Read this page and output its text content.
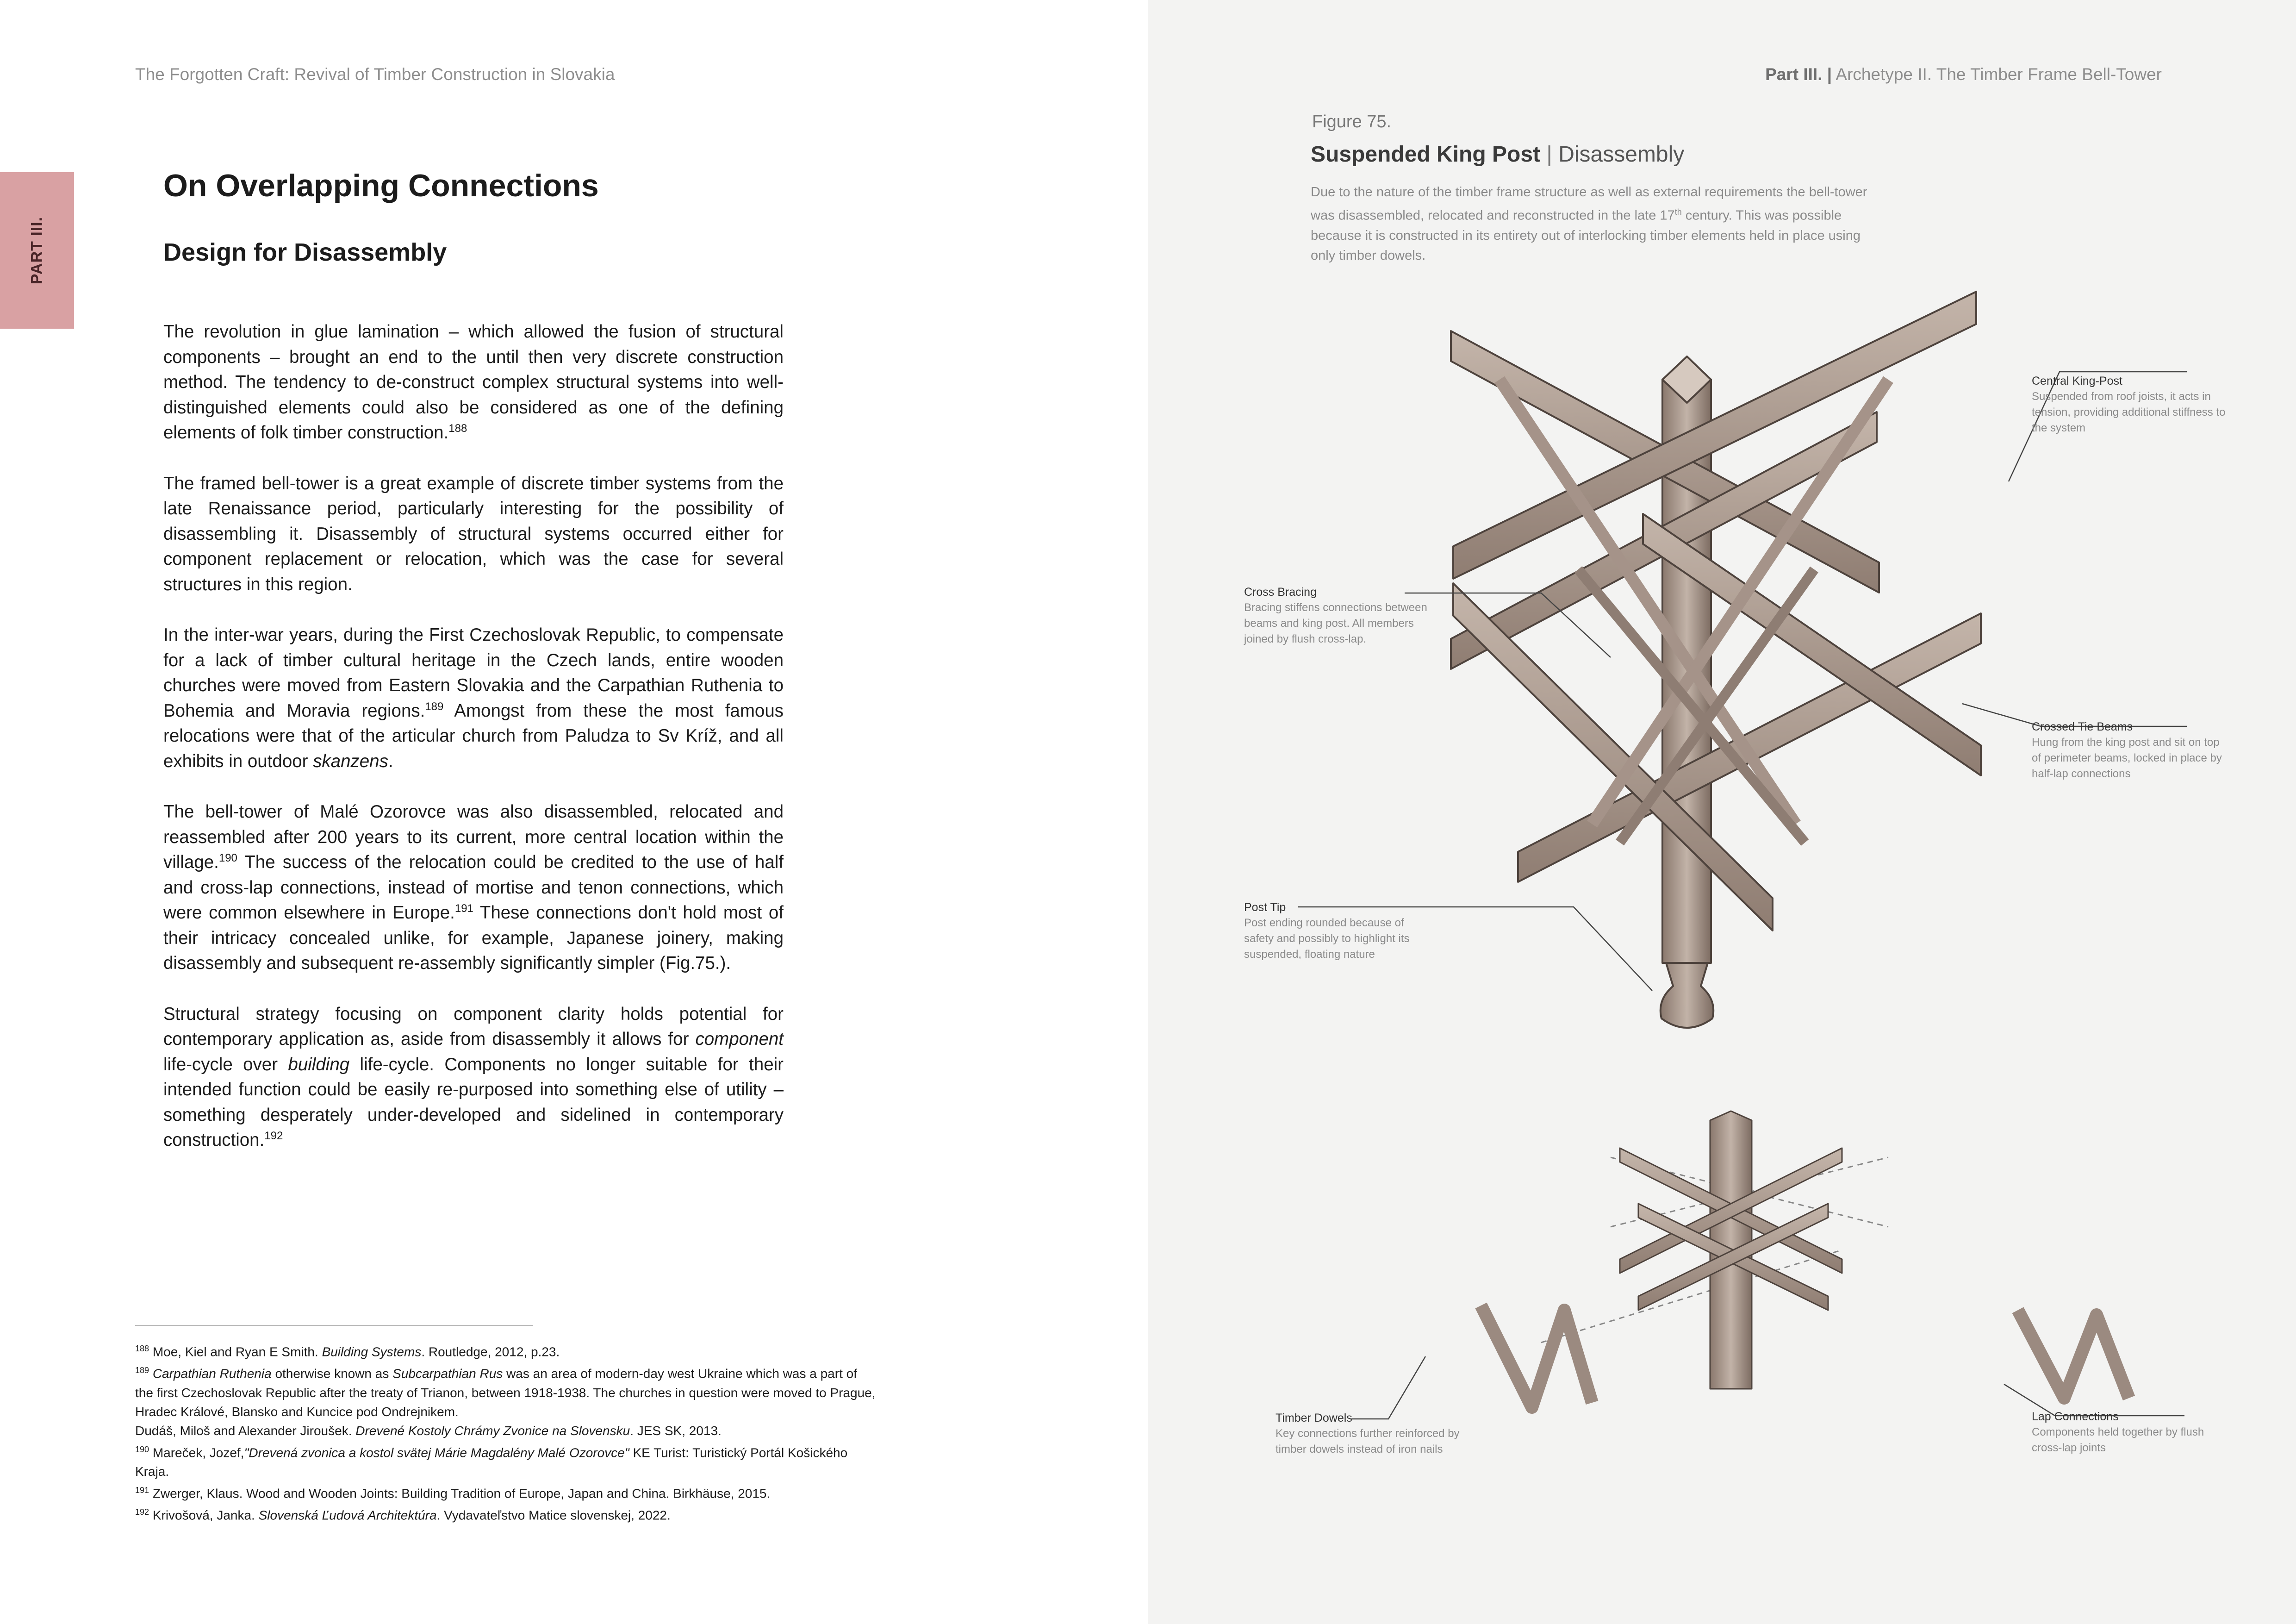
The Forgotten Craft: Revival of Timber Construction in Slovakia	Part III. | Archetype II. The Timber Frame Bell-Tower
PART III.
On Overlapping Connections
Design for Disassembly

The revolution in glue lamination – which allowed the fusion of structural components – brought an end to the until then very discrete construction method. The tendency to de-construct complex structural systems into well-distinguished elements could also be considered as one of the defining elements of folk timber construction.$^{188}$

The framed bell-tower is a great example of discrete timber systems from the late Renaissance period, particularly interesting for the possibility of disassembling it. Disassembly of structural systems occurred either for component replacement or relocation, which was the case for several structures in this region.

In the inter-war years, during the First Czechoslovak Republic, to compensate for a lack of timber cultural heritage in the Czech lands, entire wooden churches were moved from Eastern Slovakia and the Carpathian Ruthenia to Bohemia and Moravia regions.$^{189}$ Amongst from these the most famous relocations were that of the articular church from Paludza to Sv Kríž, and all exhibits in outdoor skanzens.

The bell-tower of Malé Ozorovce was also disassembled, relocated and reassembled after 200 years to its current, more central location within the village.$^{190}$ The success of the relocation could be credited to the use of half and cross-lap connections, instead of mortise and tenon connections, which were common elsewhere in Europe.$^{191}$ These connections don't hold most of their intricacy concealed unlike, for example, Japanese joinery, making disassembly and subsequent re-assembly significantly simpler (Fig.75.).

Structural strategy focusing on component clarity holds potential for contemporary application as, aside from disassembly it allows for component life-cycle over building life-cycle. Components no longer suitable for their intended function could be easily re-purposed into something else of utility – something desperately under-developed and sidelined in contemporary construction.$^{192}$

$^{188}$ Moe, Kiel and Ryan E Smith. Building Systems. Routledge, 2012, p.23.
$^{189}$ Carpathian Ruthenia otherwise known as Subcarpathian Rus was an area of modern-day west Ukraine which was a part of the first Czechoslovak Republic after the treaty of Trianon, between 1918-1938. The churches in question were moved to Prague, Hradec Králové, Blansko and Kuncice pod Ondrejnikem.
Dudáš, Miloš and Alexander Jiroušek. Drevené Kostoly Chrámy Zvonice na Slovensku. JES SK, 2013.
$^{190}$ Mareček, Jozef,"Drevená zvonica a kostol svätej Márie Magdalény Malé Ozorovce" KE Turist: Turistický Portál Košického Kraja.
$^{191}$ Zwerger, Klaus. Wood and Wooden Joints: Building Tradition of Europe, Japan and China. Birkhäuse, 2015.
$^{192}$ Krivošová, Janka. Slovenská Ľudová Architektúra. Vydavateľstvo Matice slovenskej, 2022.
Figure 75.
Suspended King Post | Disassembly
Due to the nature of the timber frame structure as well as external requirements the bell-tower was disassembled, relocated and reconstructed in the late 17th century. This was possible because it is constructed in its entirety out of interlocking timber elements held in place using only timber dowels.
Central King-Post
Suspended from roof joists, it acts in tension, providing additional stiffness to the system
Cross Bracing
Bracing stiffens connections between beams and king post. All members joined by flush cross-lap.
Crossed Tie Beams
Hung from the king post and sit on top of perimeter beams, locked in place by half-lap connections
Post Tip
Post ending rounded because of safety and possibly to highlight its suspended, floating nature
Timber Dowels
Key connections further reinforced by timber dowels instead of iron nails
Lap Connections
Components held together by flush cross-lap joints
